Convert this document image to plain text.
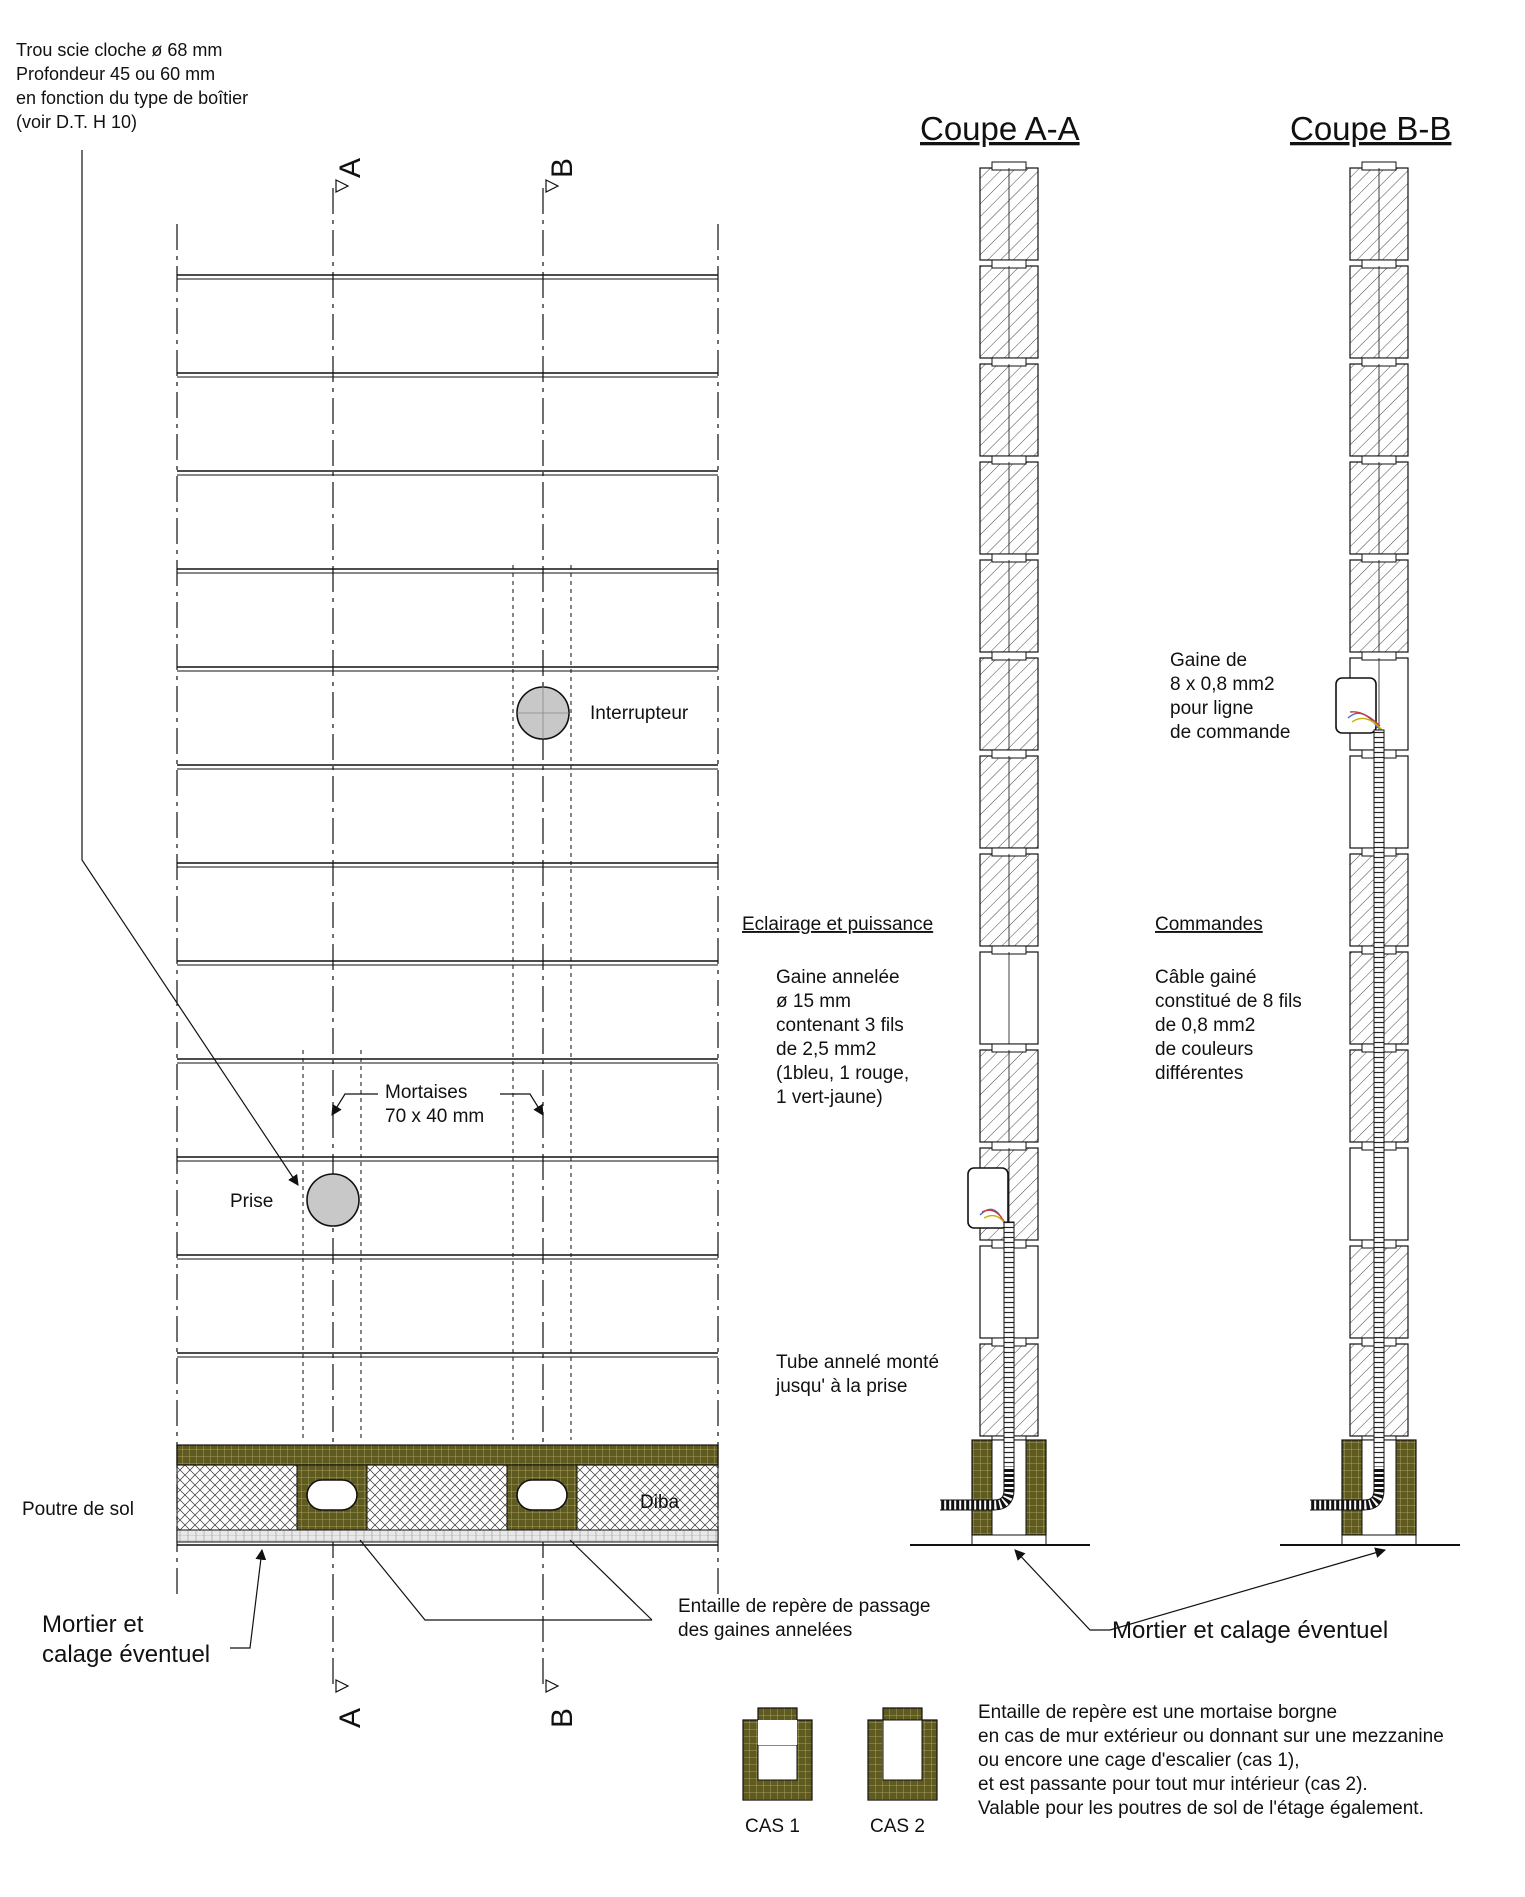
Trou scie cloche ø 68 mm
Profondeur 45 ou 60 mm
en fonction du type de boîtier
(voir D.T. H 10)
A	B
A	B
Interrupteur
Prise
Mortaises
70 x 40 mm
Diba
Poutre de sol
Mortier et
calage éventuel
Entaille de repère de passage
des gaines annelées
Coupe A-A	Coupe B-B
Mortier et calage éventuel
Eclairage et puissance
Gaine annelée
ø 15 mm
contenant 3 fils
de 2,5 mm2
(1bleu, 1 rouge,
1 vert-jaune)
Tube annelé monté
jusqu' à la prise
Commandes
Câble gainé
constitué de 8 fils
de 0,8 mm2
de couleurs
différentes
Gaine de
8 x 0,8 mm2
pour ligne
de commande
CAS 1	CAS 2
Entaille de repère est une mortaise borgne
en cas de mur extérieur ou donnant sur une mezzanine
ou encore une cage d'escalier (cas 1),
et est passante pour tout mur intérieur (cas 2).
Valable pour les poutres de sol de l'étage également.
